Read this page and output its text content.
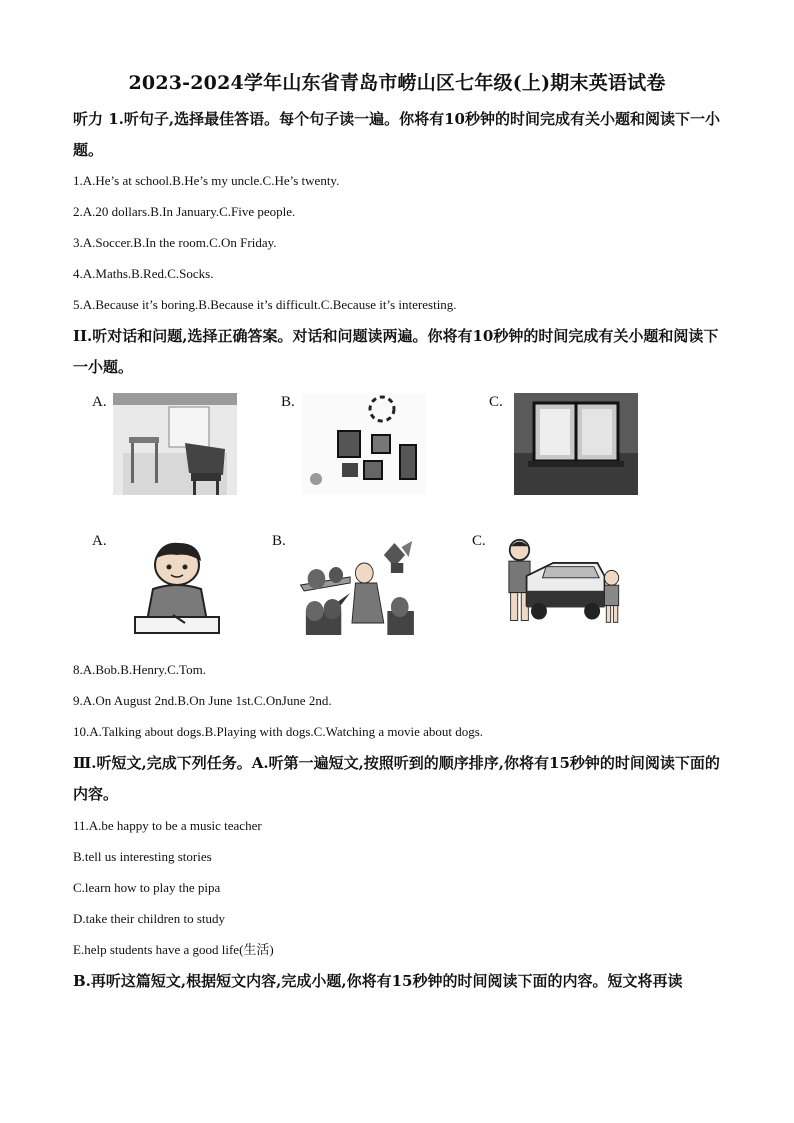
2023-2024学年山东省青岛市崂山区七年级(上)期末英语试卷
听力 1.听句子,选择最佳答语。每个句子读一遍。你将有10秒钟的时间完成有关小题和阅读下一小题。
1.A.He’s at school.B.He’s my uncle.C.He’s twenty.
2.A.20 dollars.B.In January.C.Five people.
3.A.Soccer.B.In the room.C.On Friday.
4.A.Maths.B.Red.C.Socks.
5.A.Because it’s boring.B.Because it’s difficult.C.Because it’s interesting.
II.听对话和问题,选择正确答案。对话和问题读两遍。你将有10秒钟的时间完成有关小题和阅读下一小题。
A.	B.	C.
A.	B.	C.
8.A.Bob.B.Henry.C.Tom.
9.A.On August 2nd.B.On June 1st.C.OnJune 2nd.
10.A.Talking about dogs.B.Playing with dogs.C.Watching a movie about dogs.
Ⅲ.听短文,完成下列任务。A.听第一遍短文,按照听到的顺序排序,你将有15秒钟的时间阅读下面的内容。
11.A.be happy to be a music teacher
B.tell us interesting stories
C.learn how to play the pipa
D.take their children to study
E.help students have a good life(生活)
B.再听这篇短文,根据短文内容,完成小题,你将有15秒钟的时间阅读下面的内容。短文将再读
